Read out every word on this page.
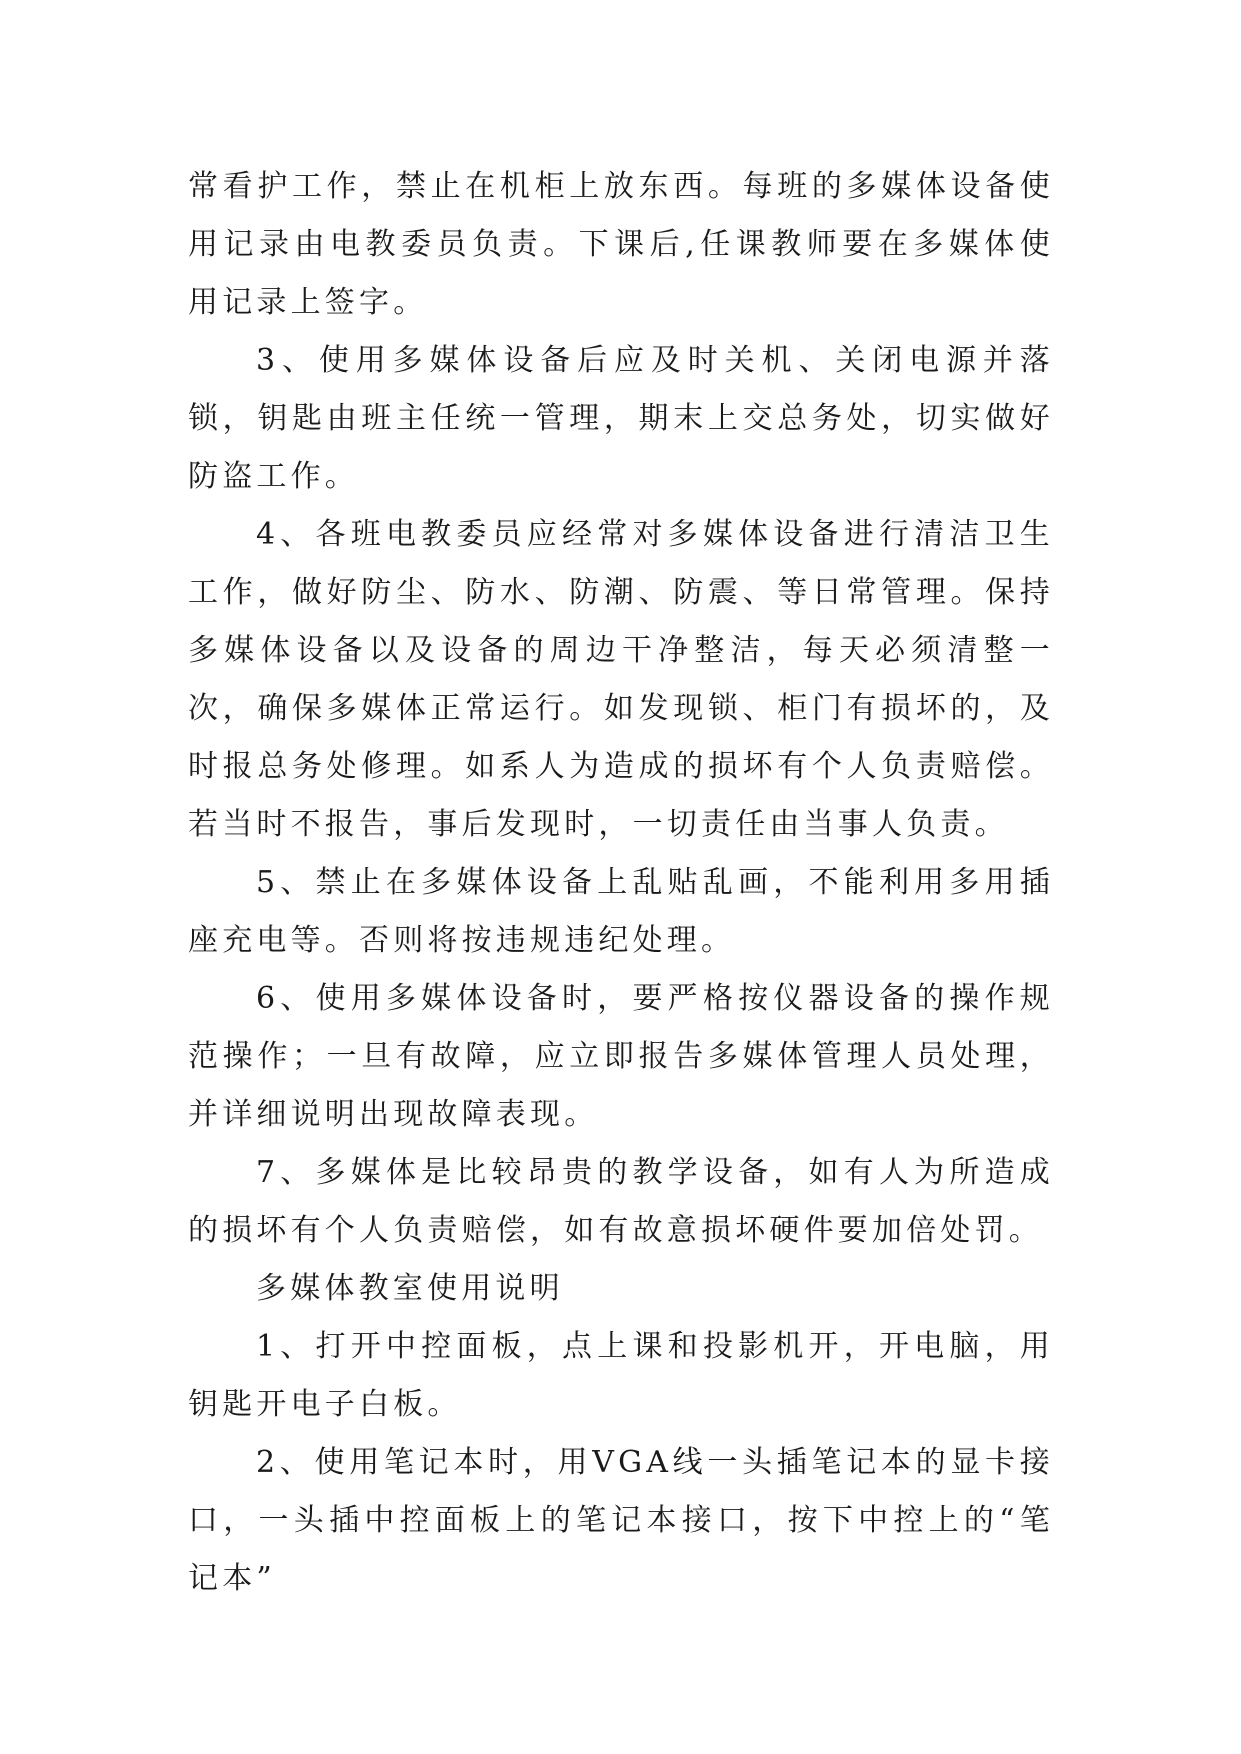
常看护工作，禁止在机柜上放东西。每班的多媒体设备使用记录由电教委员负责。下课后,任课教师要在多媒体使用记录上签字。

3、使用多媒体设备后应及时关机、关闭电源并落锁，钥匙由班主任统一管理，期末上交总务处，切实做好防盗工作。

4、各班电教委员应经常对多媒体设备进行清洁卫生工作，做好防尘、防水、防潮、防震、等日常管理。保持多媒体设备以及设备的周边干净整洁，每天必须清整一次，确保多媒体正常运行。如发现锁、柜门有损坏的，及时报总务处修理。如系人为造成的损坏有个人负责赔偿。若当时不报告，事后发现时，一切责任由当事人负责。

5、禁止在多媒体设备上乱贴乱画，不能利用多用插座充电等。否则将按违规违纪处理。

6、使用多媒体设备时，要严格按仪器设备的操作规范操作；一旦有故障，应立即报告多媒体管理人员处理，并详细说明出现故障表现。

7、多媒体是比较昂贵的教学设备，如有人为所造成的损坏有个人负责赔偿，如有故意损坏硬件要加倍处罚。

多媒体教室使用说明

1、打开中控面板，点上课和投影机开，开电脑，用钥匙开电子白板。

2、使用笔记本时，用VGA线一头插笔记本的显卡接口，一头插中控面板上的笔记本接口，按下中控上的“笔记本”
